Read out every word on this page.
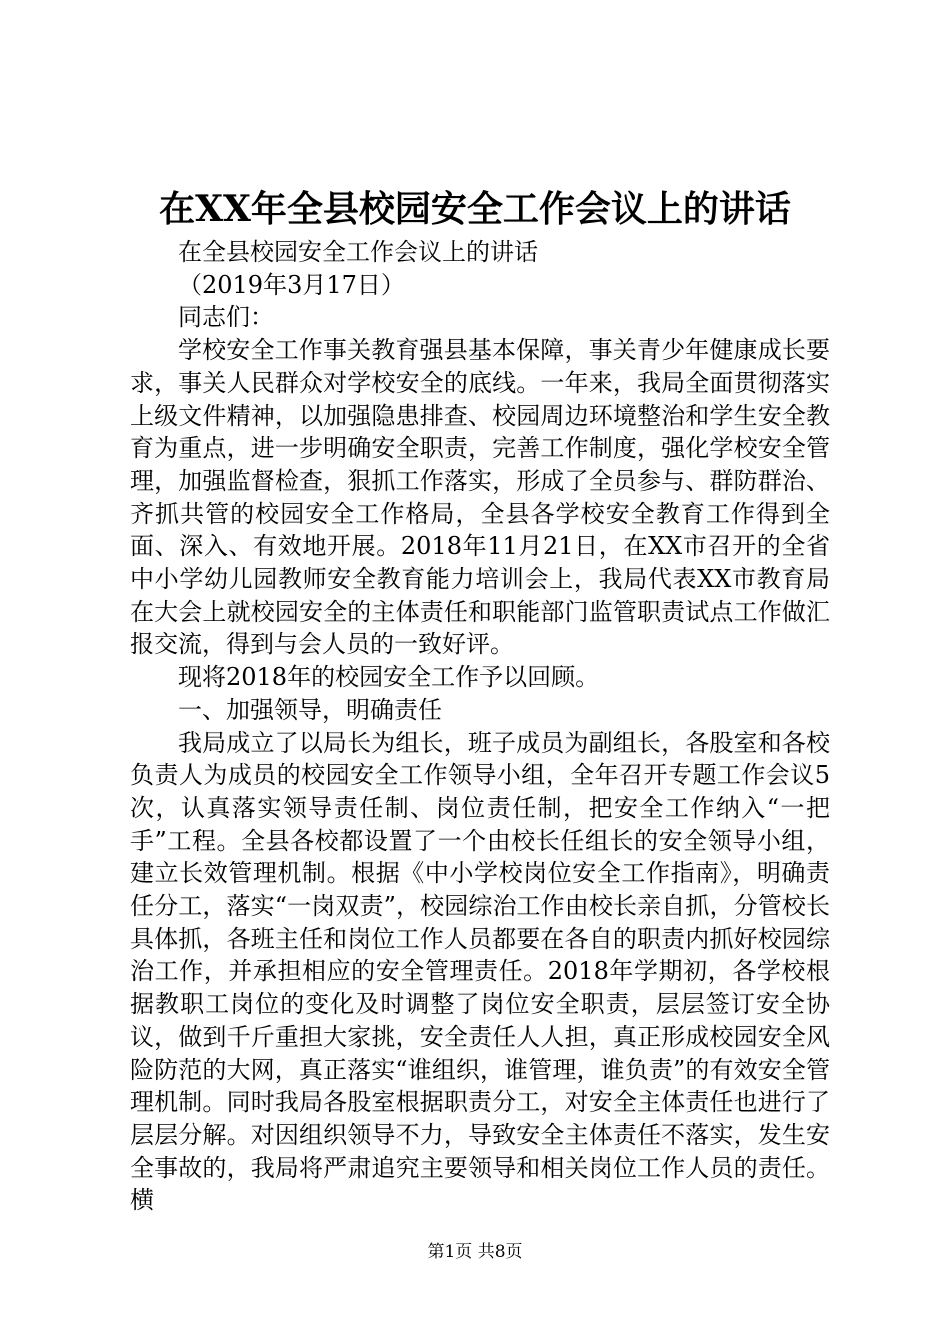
在XX年全县校园安全工作会议上的讲话

在全县校园安全工作会议上的讲话

（2019年3月17日）

同志们：

学校安全工作事关教育强县基本保障，事关青少年健康成长要求，事关人民群众对学校安全的底线。一年来，我局全面贯彻落实上级文件精神，以加强隐患排查、校园周边环境整治和学生安全教育为重点，进一步明确安全职责，完善工作制度，强化学校安全管理，加强监督检查，狠抓工作落实，形成了全员参与、群防群治、齐抓共管的校园安全工作格局，全县各学校安全教育工作得到全面、深入、有效地开展。2018年11月21日，在XX市召开的全省中小学幼儿园教师安全教育能力培训会上，我局代表XX市教育局在大会上就校园安全的主体责任和职能部门监管职责试点工作做汇报交流，得到与会人员的一致好评。

现将2018年的校园安全工作予以回顾。

一、加强领导，明确责任

我局成立了以局长为组长，班子成员为副组长，各股室和各校负责人为成员的校园安全工作领导小组，全年召开专题工作会议5次，认真落实领导责任制、岗位责任制，把安全工作纳入“一把手”工程。全县各校都设置了一个由校长任组长的安全领导小组，建立长效管理机制。根据《中小学校岗位安全工作指南》，明确责任分工，落实“一岗双责”，校园综治工作由校长亲自抓，分管校长具体抓，各班主任和岗位工作人员都要在各自的职责内抓好校园综治工作，并承担相应的安全管理责任。2018年学期初，各学校根据教职工岗位的变化及时调整了岗位安全职责，层层签订安全协议，做到千斤重担大家挑，安全责任人人担，真正形成校园安全风险防范的大网，真正落实“谁组织，谁管理，谁负责”的有效安全管理机制。同时我局各股室根据职责分工，对安全主体责任也进行了层层分解。对因组织领导不力，导致安全主体责任不落实，发生安全事故的，我局将严肃追究主要领导和相关岗位工作人员的责任。横

第1页 共8页
